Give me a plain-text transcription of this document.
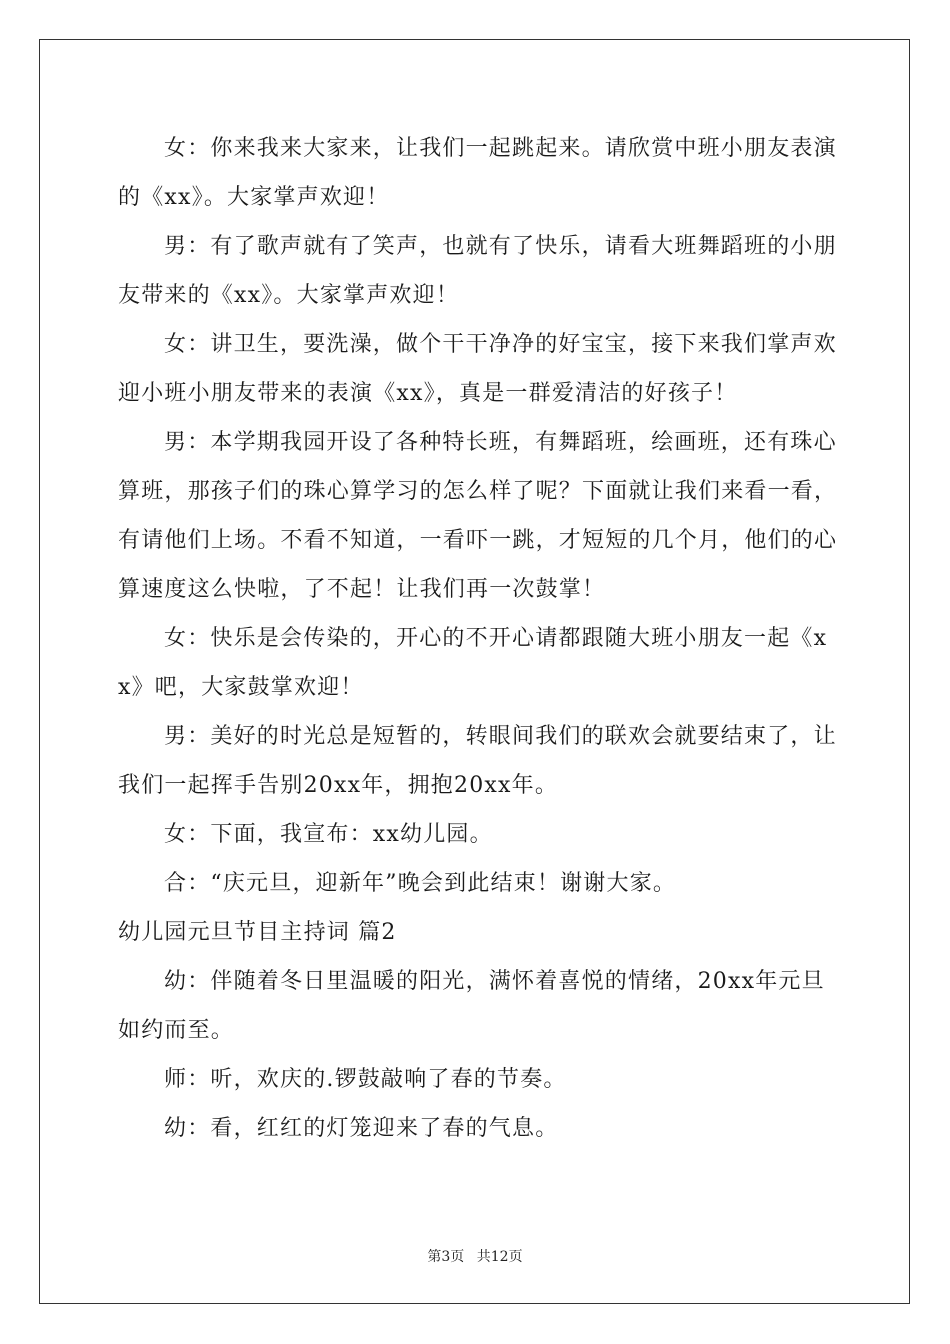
女：你来我来大家来，让我们一起跳起来。请欣赏中班小朋友表演的《xx》。大家掌声欢迎！

男：有了歌声就有了笑声，也就有了快乐，请看大班舞蹈班的小朋友带来的《xx》。大家掌声欢迎！

女：讲卫生，要洗澡，做个干干净净的好宝宝，接下来我们掌声欢迎小班小朋友带来的表演《xx》，真是一群爱清洁的好孩子！

男：本学期我园开设了各种特长班，有舞蹈班，绘画班，还有珠心算班，那孩子们的珠心算学习的怎么样了呢？下面就让我们来看一看，有请他们上场。不看不知道，一看吓一跳，才短短的几个月，他们的心算速度这么快啦，了不起！让我们再一次鼓掌！

女：快乐是会传染的，开心的不开心请都跟随大班小朋友一起《xx》吧，大家鼓掌欢迎！

男：美好的时光总是短暂的，转眼间我们的联欢会就要结束了，让我们一起挥手告别20xx年，拥抱20xx年。

女：下面，我宣布：xx幼儿园。

合：“庆元旦，迎新年”晚会到此结束！谢谢大家。

幼儿园元旦节目主持词 篇2

幼：伴随着冬日里温暖的阳光，满怀着喜悦的情绪，20xx年元旦如约而至。

师：听，欢庆的.锣鼓敲响了春的节奏。

幼：看，红红的灯笼迎来了春的气息。

第3页 共12页
